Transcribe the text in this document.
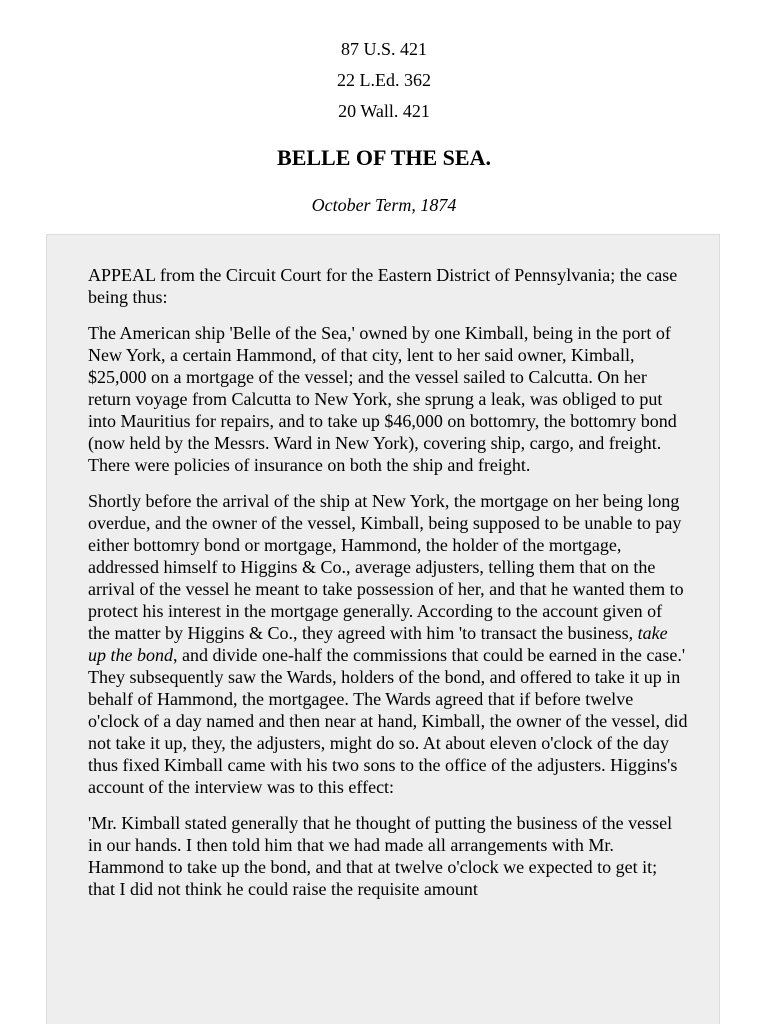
87 U.S. 421
22 L.Ed. 362
20 Wall. 421
BELLE OF THE SEA.
October Term, 1874

APPEAL from the Circuit Court for the Eastern District of Pennsylvania; the case being thus:

The American ship 'Belle of the Sea,' owned by one Kimball, being in the port of New York, a certain Hammond, of that city, lent to her said owner, Kimball, $25,000 on a mortgage of the vessel; and the vessel sailed to Calcutta. On her return voyage from Calcutta to New York, she sprung a leak, was obliged to put into Mauritius for repairs, and to take up $46,000 on bottomry, the bottomry bond (now held by the Messrs. Ward in New York), covering ship, cargo, and freight. There were policies of insurance on both the ship and freight.

Shortly before the arrival of the ship at New York, the mortgage on her being long overdue, and the owner of the vessel, Kimball, being supposed to be unable to pay either bottomry bond or mortgage, Hammond, the holder of the mortgage, addressed himself to Higgins & Co., average adjusters, telling them that on the arrival of the vessel he meant to take possession of her, and that he wanted them to protect his interest in the mortgage generally. According to the account given of the matter by Higgins & Co., they agreed with him 'to transact the business, take up the bond, and divide one-half the commissions that could be earned in the case.' They subsequently saw the Wards, holders of the bond, and offered to take it up in behalf of Hammond, the mortgagee. The Wards agreed that if before twelve o'clock of a day named and then near at hand, Kimball, the owner of the vessel, did not take it up, they, the adjusters, might do so. At about eleven o'clock of the day thus fixed Kimball came with his two sons to the office of the adjusters. Higgins's account of the interview was to this effect:

'Mr. Kimball stated generally that he thought of putting the business of the vessel in our hands. I then told him that we had made all arrangements with Mr. Hammond to take up the bond, and that at twelve o'clock we expected to get it; that I did not think he could raise the requisite amount
